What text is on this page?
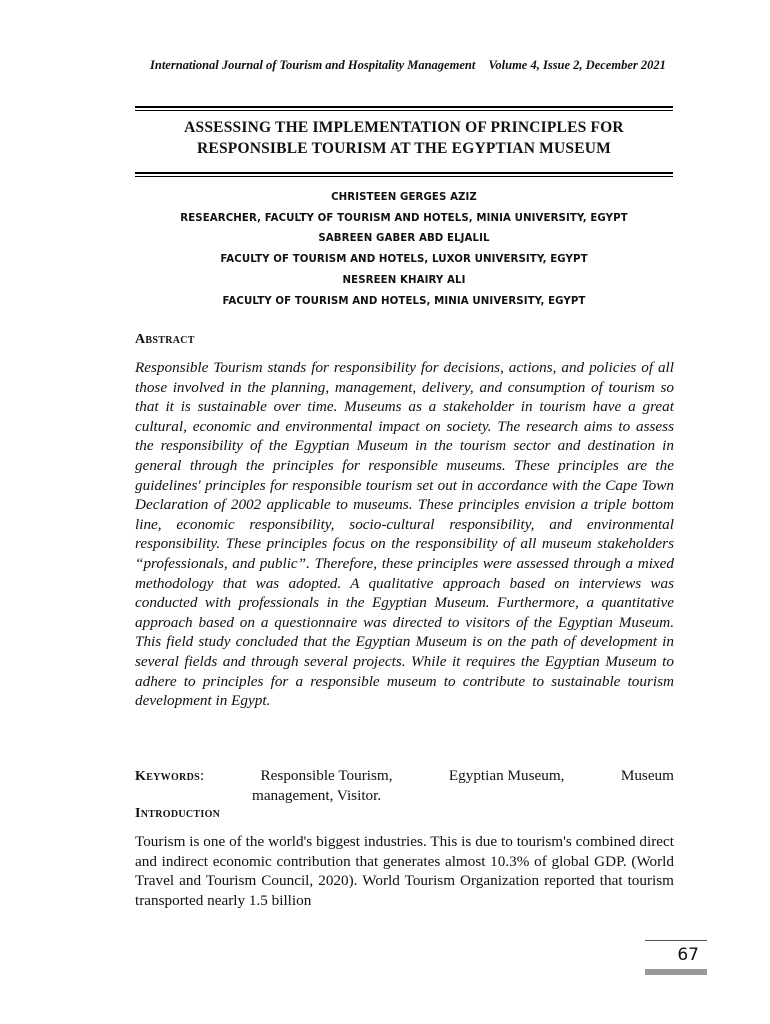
International Journal of Tourism and Hospitality Management Volume 4, Issue 2, December 2021
ASSESSING THE IMPLEMENTATION OF PRINCIPLES FOR
RESPONSIBLE TOURISM AT THE EGYPTIAN MUSEUM
CHRISTEEN GERGES AZIZ
RESEARCHER, FACULTY OF TOURISM AND HOTELS, MINIA UNIVERSITY, EGYPT
SABREEN GABER ABD ELJALIL
FACULTY OF TOURISM AND HOTELS, LUXOR UNIVERSITY, EGYPT
NESREEN KHAIRY ALI
FACULTY OF TOURISM AND HOTELS, MINIA UNIVERSITY, EGYPT
Abstract

Responsible Tourism stands for responsibility for decisions, actions, and policies of all those involved in the planning, management, delivery, and consumption of tourism so that it is sustainable over time. Museums as a stakeholder in tourism have a great cultural, economic and environmental impact on society. The research aims to assess the responsibility of the Egyptian Museum in the tourism sector and destination in general through the principles for responsible museums. These principles are the guidelines' principles for responsible tourism set out in accordance with the Cape Town Declaration of 2002 applicable to museums. These principles envision a triple bottom line, economic responsibility, socio-cultural responsibility, and environmental responsibility. These principles focus on the responsibility of all museum stakeholders “professionals, and public”. Therefore, these principles were assessed through a mixed methodology that was adopted. A qualitative approach based on interviews was conducted with professionals in the Egyptian Museum. Furthermore, a quantitative approach based on a questionnaire was directed to visitors of the Egyptian Museum. This field study concluded that the Egyptian Museum is on the path of development in several fields and through several projects. While it requires the Egyptian Museum to adhere to principles for a responsible museum to contribute to sustainable tourism development in Egypt.

Keywords:	Responsible Tourism,	Egyptian Museum,	Museum
management, Visitor.
Introduction

Tourism is one of the world's biggest industries. This is due to tourism's combined direct and indirect economic contribution that generates almost 10.3% of global GDP. (World Travel and Tourism Council, 2020). World Tourism Organization reported that tourism transported nearly 1.5 billion

67
